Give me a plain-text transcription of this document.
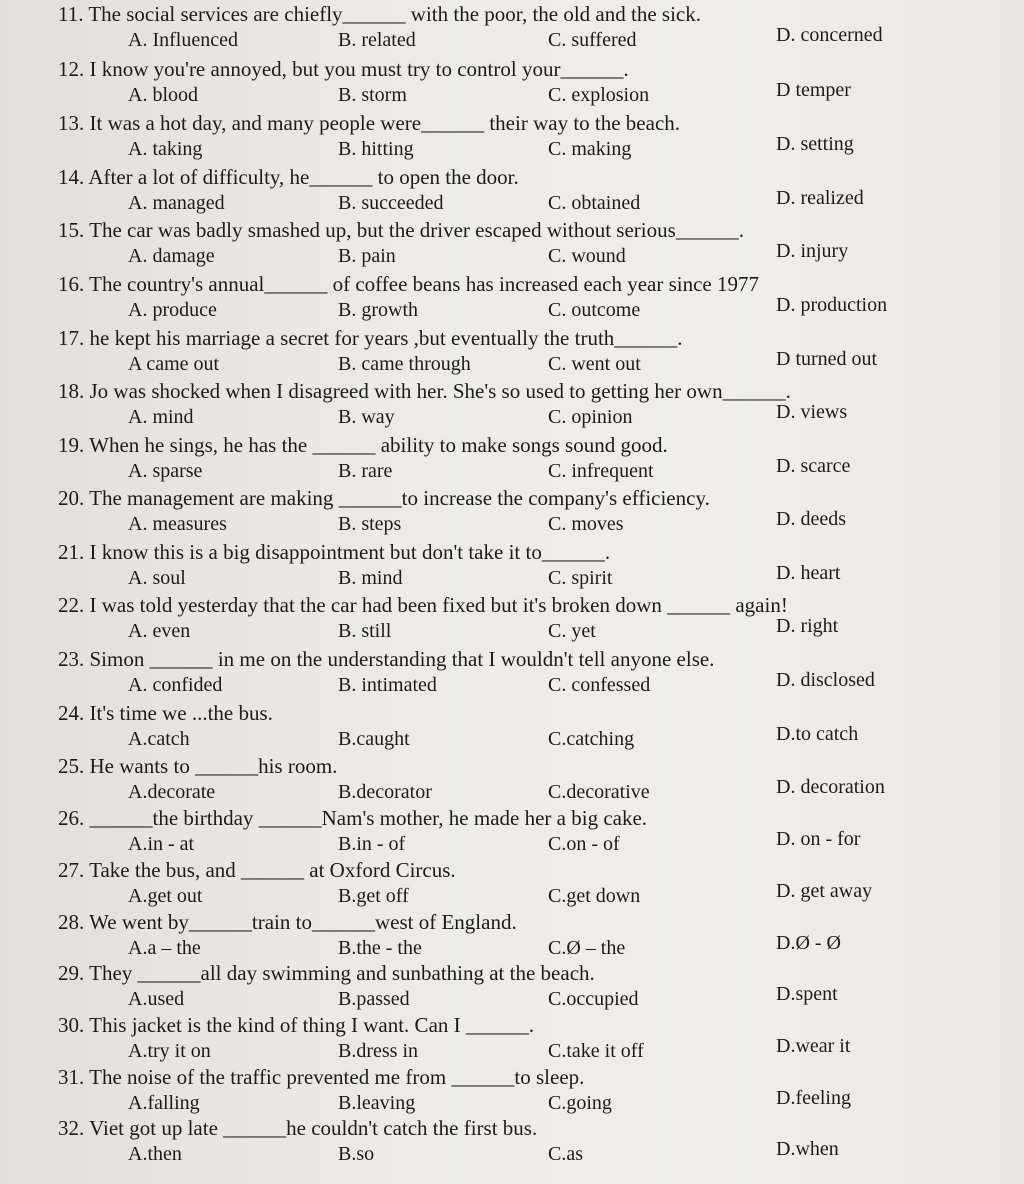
11. The social services are chiefly______ with the poor, the old and the sick.
A. Influenced	B. related	C. suffered	D. concerned
12. I know you're annoyed, but you must try to control your______.
A. blood	B. storm	C. explosion	D temper
13. It was a hot day, and many people were______ their way to the beach.
A. taking	B. hitting	C. making	D. setting
14. After a lot of difficulty, he______ to open the door.
A. managed	B. succeeded	C. obtained	D. realized
15. The car was badly smashed up, but the driver escaped without serious______.
A. damage	B. pain	C. wound	D. injury
16. The country's annual______ of coffee beans has increased each year since 1977
A. produce	B. growth	C. outcome	D. production
17. he kept his marriage a secret for years ,but eventually the truth______.
A came out	B. came through	C. went out	D turned out
18. Jo was shocked when I disagreed with her. She's so used to getting her own______.
A. mind	B. way	C. opinion	D. views
19. When he sings, he has the ______ ability to make songs sound good.
A. sparse	B. rare	C. infrequent	D. scarce
20. The management are making ______to increase the company's efficiency.
A. measures	B. steps	C. moves	D. deeds
21. I know this is a big disappointment but don't take it to______.
A. soul	B. mind	C. spirit	D. heart
22. I was told yesterday that the car had been fixed but it's broken down ______ again!
A. even	B. still	C. yet	D. right
23. Simon ______ in me on the understanding that I wouldn't tell anyone else.
A. confided	B. intimated	C. confessed	D. disclosed
24. It's time we ...the bus.
A.catch	B.caught	C.catching	D.to catch
25. He wants to ______his room.
A.decorate	B.decorator	C.decorative	D. decoration
26. ______the birthday ______Nam's mother, he made her a big cake.
A.in - at	B.in - of	C.on - of	D. on - for
27. Take the bus, and ______ at Oxford Circus.
A.get out	B.get off	C.get down	D. get away
28. We went by______train to______west of England.
A.a – the	B.the - the	C.Ø – the	D.Ø - Ø
29. They ______all day swimming and sunbathing at the beach.
A.used	B.passed	C.occupied	D.spent
30. This jacket is the kind of thing I want. Can I ______.
A.try it on	B.dress in	C.take it off	D.wear it
31. The noise of the traffic prevented me from ______to sleep.
A.falling	B.leaving	C.going	D.feeling
32. Viet got up late ______he couldn't catch the first bus.
A.then	B.so	C.as	D.when
